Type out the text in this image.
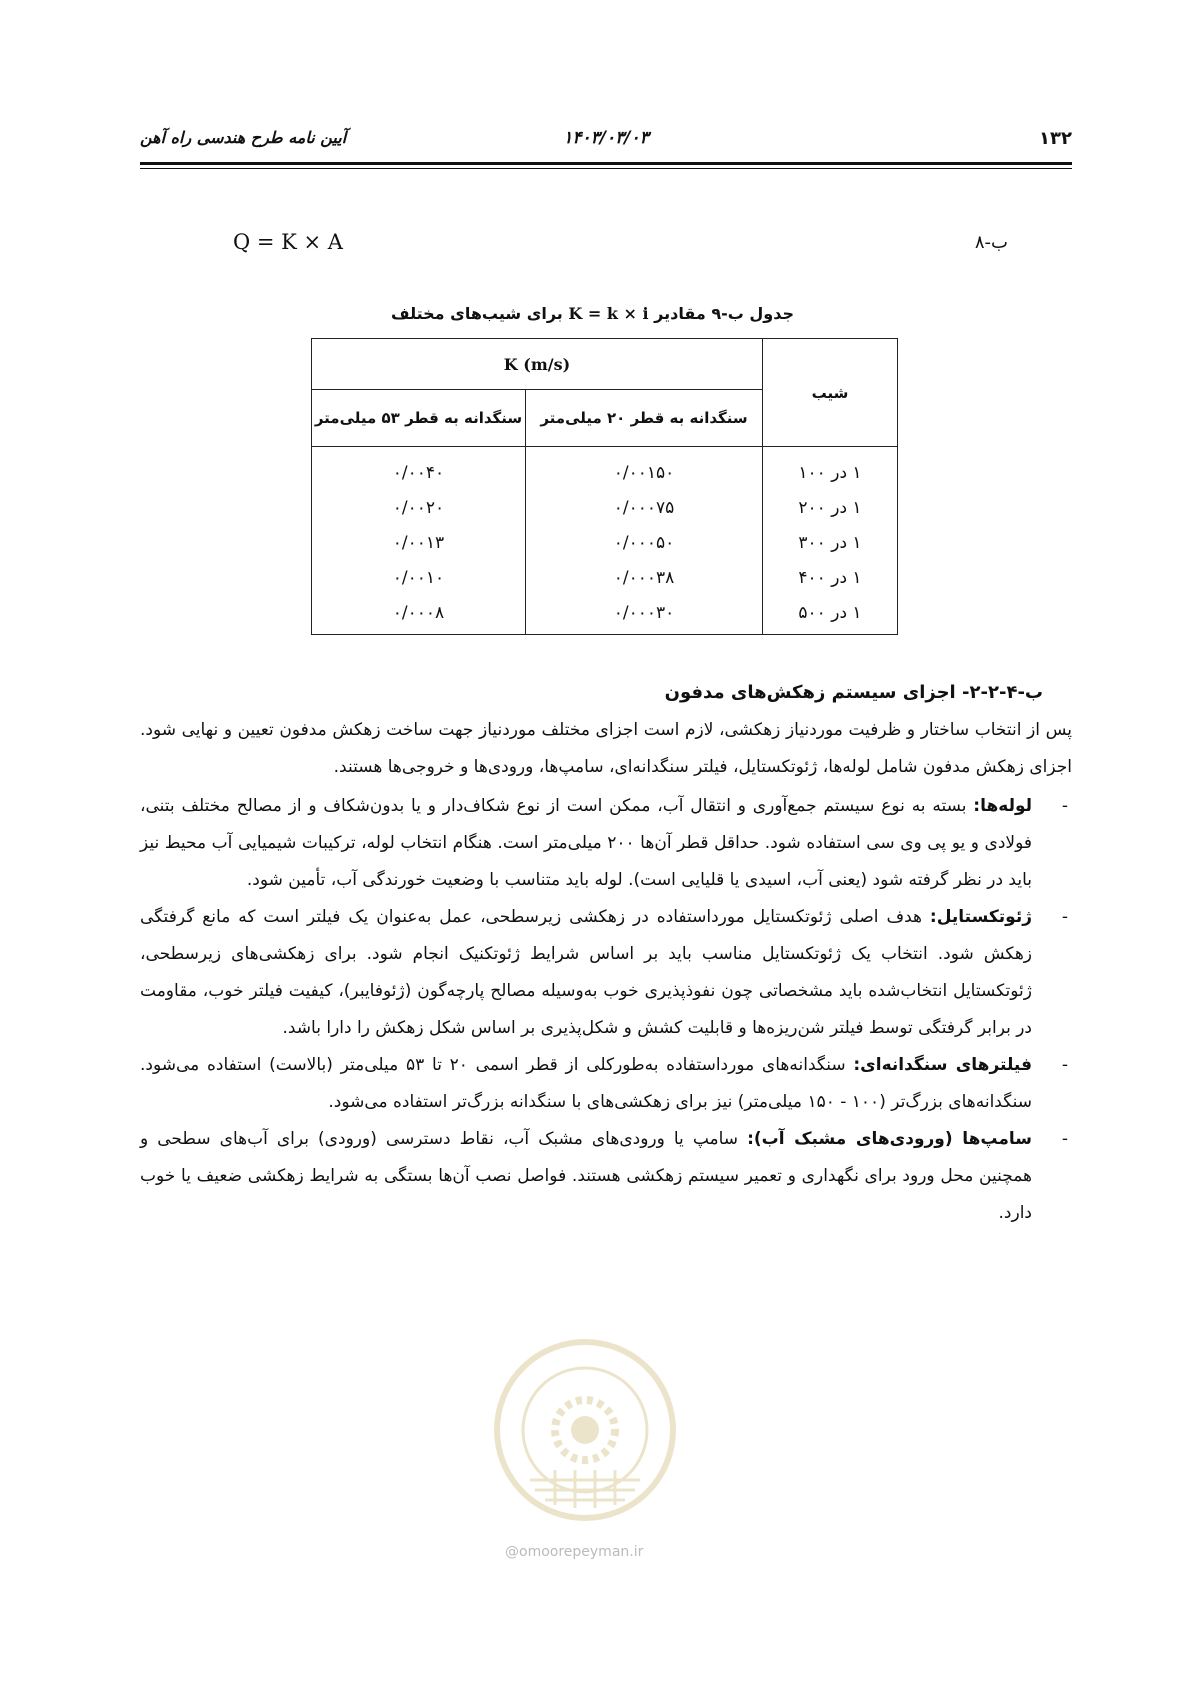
۱۳۲
۱۴۰۳/۰۳/۰۳
آیین نامه طرح هندسی راه آهن
Q = K × A	ب-۸
جدول ب-۹ مقادیر K = k × i برای شیب‌های مختلف
شیب	K (m/s)	
	سنگدانه به قطر ۲۰ میلی‌متر	سنگدانه به قطر ۵۳ میلی‌متر
۱ در ۱۰۰	۰/۰۰۱۵۰	۰/۰۰۴۰
۱ در ۲۰۰	۰/۰۰۰۷۵	۰/۰۰۲۰
۱ در ۳۰۰	۰/۰۰۰۵۰	۰/۰۰۱۳
۱ در ۴۰۰	۰/۰۰۰۳۸	۰/۰۰۱۰
۱ در ۵۰۰	۰/۰۰۰۳۰	۰/۰۰۰۸
ب-۴-۲-۲- اجزای سیستم زهکش‌های مدفون

پس از انتخاب ساختار و ظرفیت موردنیاز زهکشی، لازم است اجزای مختلف موردنیاز جهت ساخت زهکش مدفون تعیین و نهایی شود. اجزای زهکش مدفون شامل لوله‌ها، ژئوتکستایل، فیلتر سنگدانه‌ای، سامپ‌ها، ورودی‌ها و خروجی‌ها هستند.

-
لوله‌ها: بسته به نوع سیستم جمع‌آوری و انتقال آب، ممکن است از نوع شکاف‌دار و یا بدون‌شکاف و از مصالح مختلف بتنی، فولادی و یو پی وی سی استفاده شود. حداقل قطر آن‌ها ۲۰۰ میلی‌متر است. هنگام انتخاب لوله، ترکیبات شیمیایی آب محیط نیز باید در نظر گرفته شود (یعنی آب، اسیدی یا قلیایی است). لوله باید متناسب با وضعیت خورندگی آب، تأمین شود.
-
ژئوتکستایل: هدف اصلی ژئوتکستایل مورداستفاده در زهکشی زیرسطحی، عمل به‌عنوان یک فیلتر است که مانع گرفتگی زهکش شود. انتخاب یک ژئوتکستایل مناسب باید بر اساس شرایط ژئوتکنیک انجام شود. برای زهکشی‌های زیرسطحی، ژئوتکستایل انتخاب‌شده باید مشخصاتی چون نفوذپذیری خوب به‌وسیله مصالح پارچه‌گون (ژئوفایبر)، کیفیت فیلتر خوب، مقاومت در برابر گرفتگی توسط فیلتر شن‌ریزه‌ها و قابلیت کشش و شکل‌پذیری بر اساس شکل زهکش را دارا باشد.
-
فیلترهای سنگدانه‌ای: سنگدانه‌های مورداستفاده به‌طورکلی از قطر اسمی ۲۰ تا ۵۳ میلی‌متر (بالاست) استفاده می‌شود. سنگدانه‌های بزرگ‌تر (۱۰۰ - ۱۵۰ میلی‌متر) نیز برای زهکشی‌های با سنگدانه بزرگ‌تر استفاده می‌شود.
-
سامپ‌ها (ورودی‌های مشبک آب): سامپ یا ورودی‌های مشبک آب، نقاط دسترسی (ورودی) برای آب‌های سطحی و همچنین محل ورود برای نگهداری و تعمیر سیستم زهکشی هستند. فواصل نصب آن‌ها بستگی به شرایط زهکشی ضعیف یا خوب دارد.
@omoorepeyman.ir
